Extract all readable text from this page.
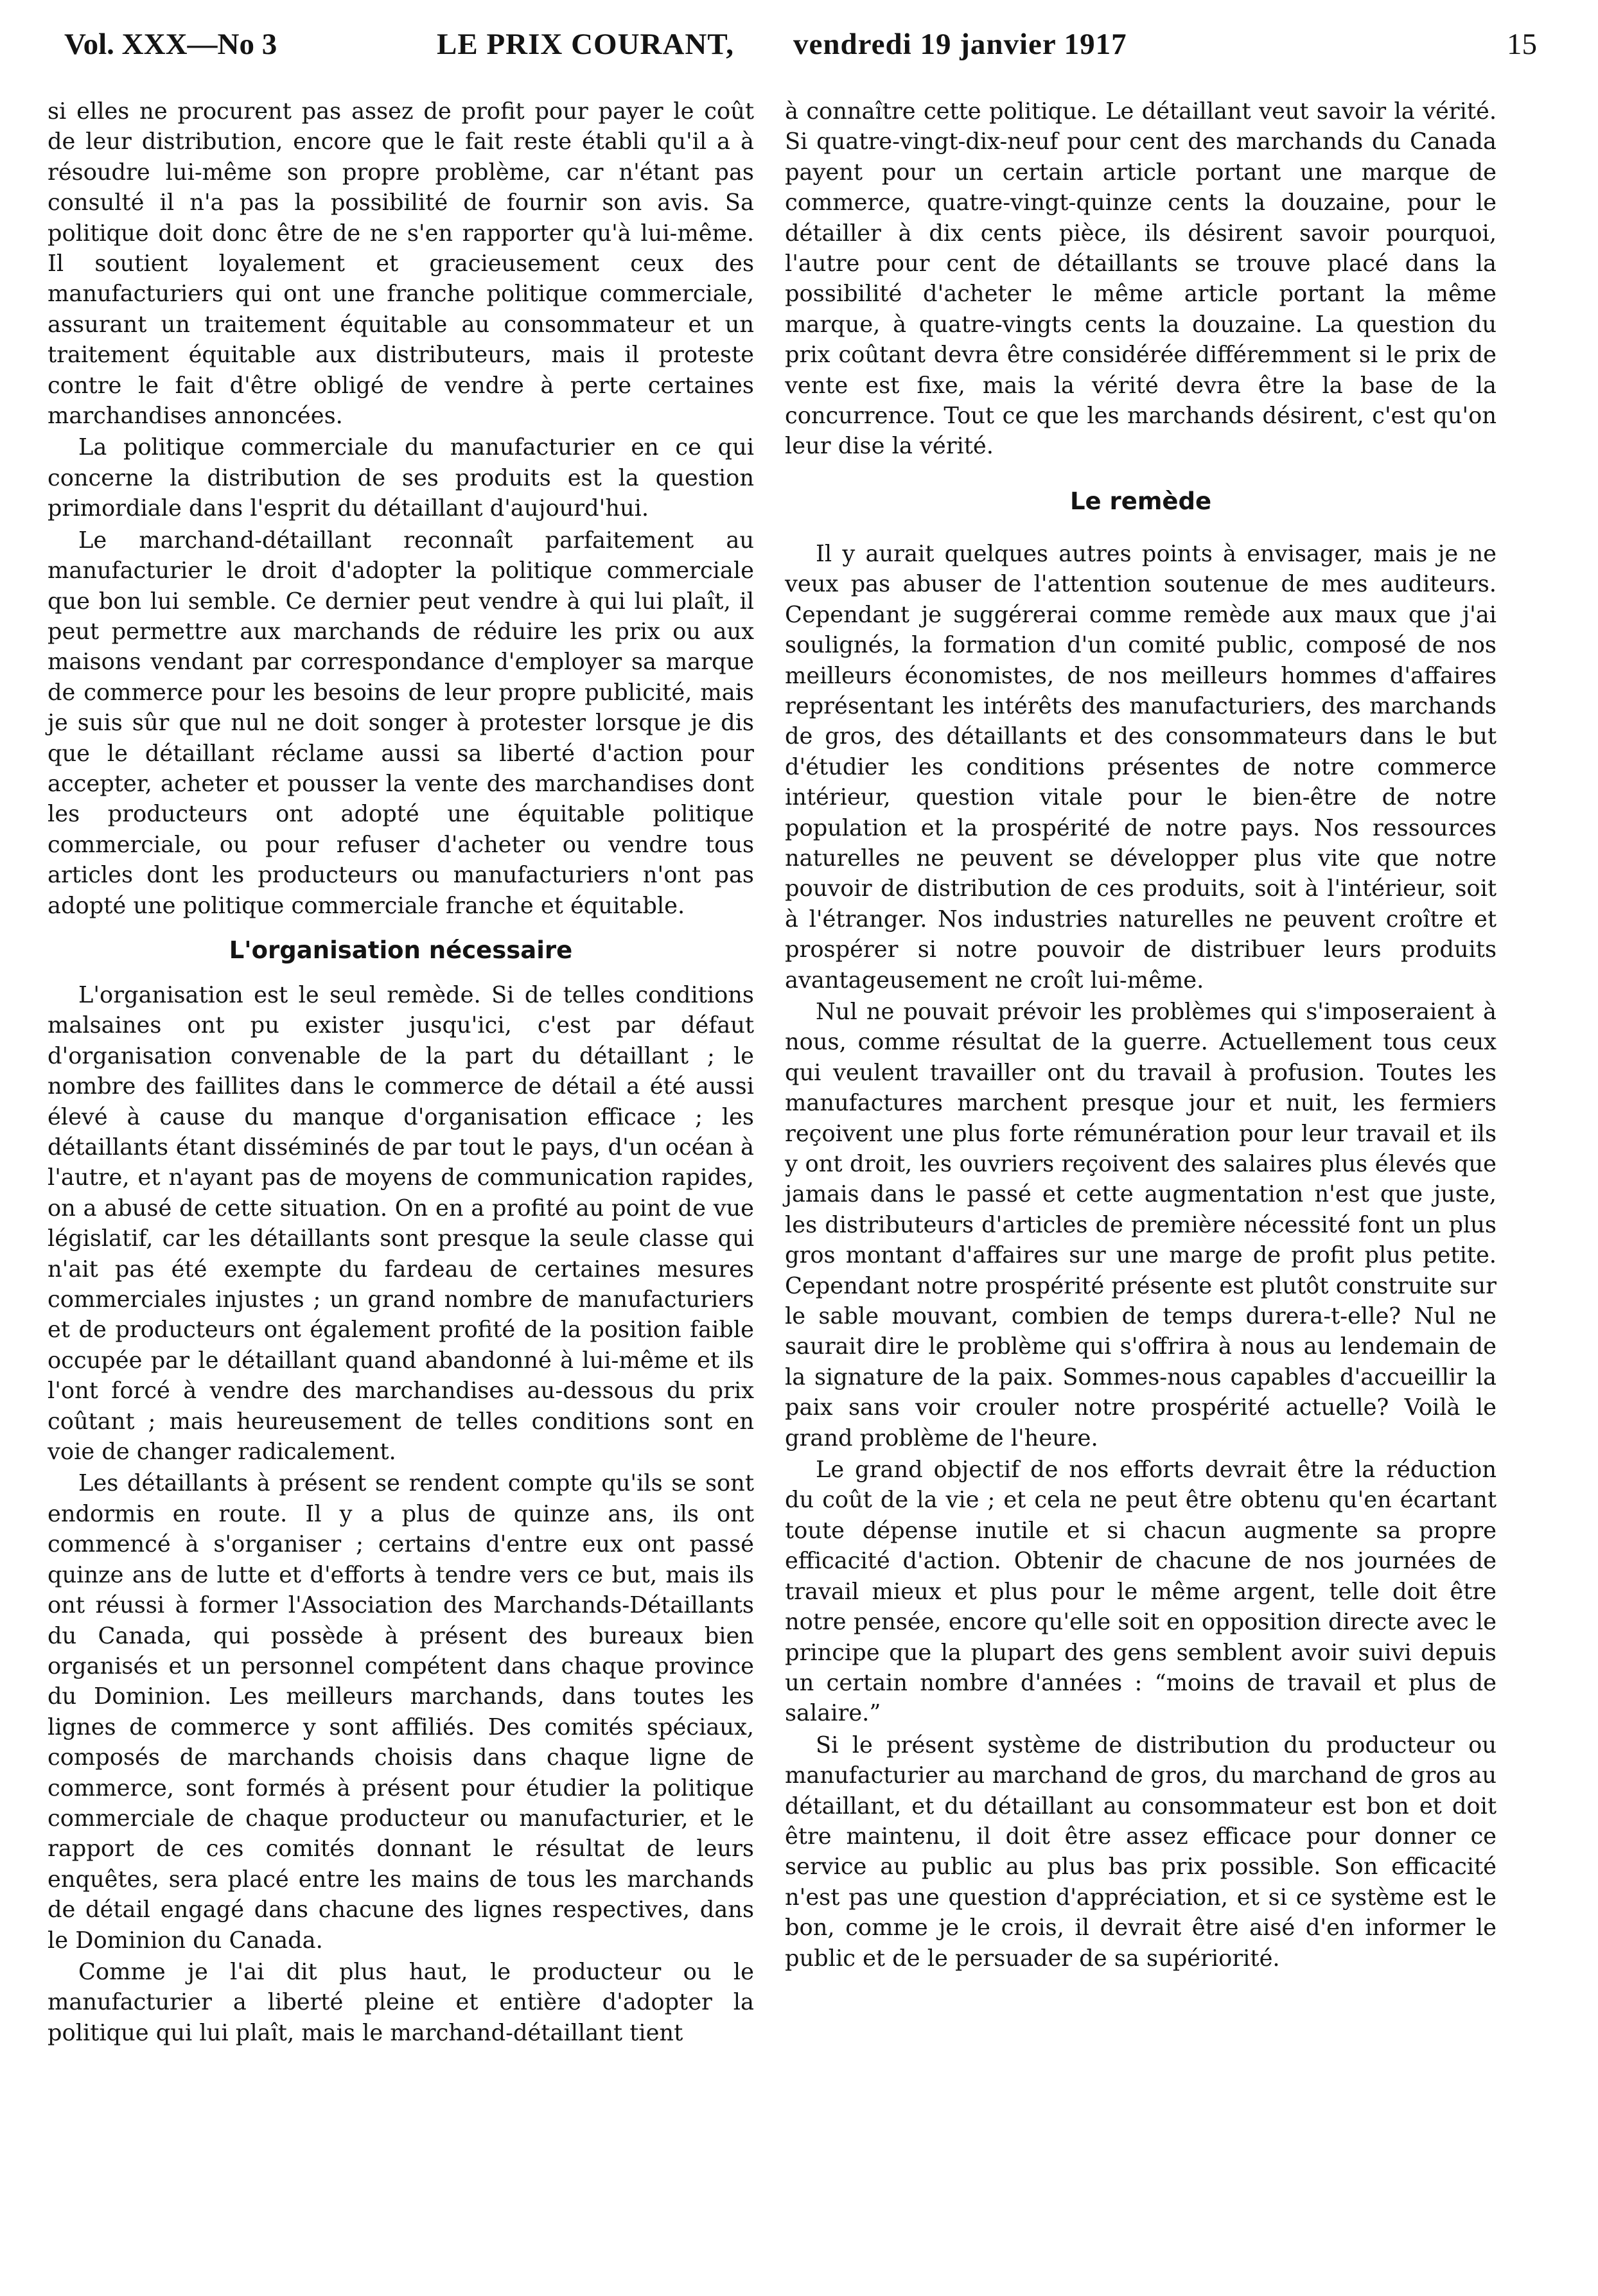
Vol. XXX—No 3	LE PRIX COURANT, vendredi 19 janvier 1917	15

si elles ne procurent pas assez de profit pour payer le coût de leur distribution, encore que le fait reste établi qu'il a à résoudre lui-même son propre problème, car n'étant pas consulté il n'a pas la possibilité de fournir son avis. Sa politique doit donc être de ne s'en rapporter qu'à lui-même. Il soutient loyalement et gracieusement ceux des manufacturiers qui ont une franche politique commerciale, assurant un traitement équitable au consommateur et un traitement équitable aux distributeurs, mais il proteste contre le fait d'être obligé de vendre à perte certaines marchandises annoncées.

La politique commerciale du manufacturier en ce qui concerne la distribution de ses produits est la question primordiale dans l'esprit du détaillant d'aujourd'hui.

Le marchand-détaillant reconnaît parfaitement au manufacturier le droit d'adopter la politique commerciale que bon lui semble. Ce dernier peut vendre à qui lui plaît, il peut permettre aux marchands de réduire les prix ou aux maisons vendant par correspondance d'employer sa marque de commerce pour les besoins de leur propre publicité, mais je suis sûr que nul ne doit songer à protester lorsque je dis que le détaillant réclame aussi sa liberté d'action pour accepter, acheter et pousser la vente des marchandises dont les producteurs ont adopté une équitable politique commerciale, ou pour refuser d'acheter ou vendre tous articles dont les producteurs ou manufacturiers n'ont pas adopté une politique commerciale franche et équitable.

L'organisation nécessaire

L'organisation est le seul remède. Si de telles conditions malsaines ont pu exister jusqu'ici, c'est par défaut d'organisation convenable de la part du détaillant ; le nombre des faillites dans le commerce de détail a été aussi élevé à cause du manque d'organisation efficace ; les détaillants étant disséminés de par tout le pays, d'un océan à l'autre, et n'ayant pas de moyens de communication rapides, on a abusé de cette situation. On en a profité au point de vue législatif, car les détaillants sont presque la seule classe qui n'ait pas été exempte du fardeau de certaines mesures commerciales injustes ; un grand nombre de manufacturiers et de producteurs ont également profité de la position faible occupée par le détaillant quand abandonné à lui-même et ils l'ont forcé à vendre des marchandises au-dessous du prix coûtant ; mais heureusement de telles conditions sont en voie de changer radicalement.

Les détaillants à présent se rendent compte qu'ils se sont endormis en route. Il y a plus de quinze ans, ils ont commencé à s'organiser ; certains d'entre eux ont passé quinze ans de lutte et d'efforts à tendre vers ce but, mais ils ont réussi à former l'Association des Marchands-Détaillants du Canada, qui possède à présent des bureaux bien organisés et un personnel compétent dans chaque province du Dominion. Les meilleurs marchands, dans toutes les lignes de commerce y sont affiliés. Des comités spéciaux, composés de marchands choisis dans chaque ligne de commerce, sont formés à présent pour étudier la politique commerciale de chaque producteur ou manufacturier, et le rapport de ces comités donnant le résultat de leurs enquêtes, sera placé entre les mains de tous les marchands de détail engagé dans chacune des lignes respectives, dans le Dominion du Canada.

Comme je l'ai dit plus haut, le producteur ou le manufacturier a liberté pleine et entière d'adopter la politique qui lui plaît, mais le marchand-détaillant tient

à connaître cette politique. Le détaillant veut savoir la vérité. Si quatre-vingt-dix-neuf pour cent des marchands du Canada payent pour un certain article portant une marque de commerce, quatre-vingt-quinze cents la douzaine, pour le détailler à dix cents pièce, ils désirent savoir pourquoi, l'autre pour cent de détaillants se trouve placé dans la possibilité d'acheter le même article portant la même marque, à quatre-vingts cents la douzaine. La question du prix coûtant devra être considérée différemment si le prix de vente est fixe, mais la vérité devra être la base de la concurrence. Tout ce que les marchands désirent, c'est qu'on leur dise la vérité.

Le remède

Il y aurait quelques autres points à envisager, mais je ne veux pas abuser de l'attention soutenue de mes auditeurs. Cependant je suggérerai comme remède aux maux que j'ai soulignés, la formation d'un comité public, composé de nos meilleurs économistes, de nos meilleurs hommes d'affaires représentant les intérêts des manufacturiers, des marchands de gros, des détaillants et des consommateurs dans le but d'étudier les conditions présentes de notre commerce intérieur, question vitale pour le bien-être de notre population et la prospérité de notre pays. Nos ressources naturelles ne peuvent se développer plus vite que notre pouvoir de distribution de ces produits, soit à l'intérieur, soit à l'étranger. Nos industries naturelles ne peuvent croître et prospérer si notre pouvoir de distribuer leurs produits avantageusement ne croît lui-même.

Nul ne pouvait prévoir les problèmes qui s'imposeraient à nous, comme résultat de la guerre. Actuellement tous ceux qui veulent travailler ont du travail à profusion. Toutes les manufactures marchent presque jour et nuit, les fermiers reçoivent une plus forte rémunération pour leur travail et ils y ont droit, les ouvriers reçoivent des salaires plus élevés que jamais dans le passé et cette augmentation n'est que juste, les distributeurs d'articles de première nécessité font un plus gros montant d'affaires sur une marge de profit plus petite. Cependant notre prospérité présente est plutôt construite sur le sable mouvant, combien de temps durera-t-elle? Nul ne saurait dire le problème qui s'offrira à nous au lendemain de la signature de la paix. Sommes-nous capables d'accueillir la paix sans voir crouler notre prospérité actuelle? Voilà le grand problème de l'heure.

Le grand objectif de nos efforts devrait être la réduction du coût de la vie ; et cela ne peut être obtenu qu'en écartant toute dépense inutile et si chacun augmente sa propre efficacité d'action. Obtenir de chacune de nos journées de travail mieux et plus pour le même argent, telle doit être notre pensée, encore qu'elle soit en opposition directe avec le principe que la plupart des gens semblent avoir suivi depuis un certain nombre d'années : “moins de travail et plus de salaire.”

Si le présent système de distribution du producteur ou manufacturier au marchand de gros, du marchand de gros au détaillant, et du détaillant au consommateur est bon et doit être maintenu, il doit être assez efficace pour donner ce service au public au plus bas prix possible. Son efficacité n'est pas une question d'appréciation, et si ce système est le bon, comme je le crois, il devrait être aisé d'en informer le public et de le persuader de sa supériorité.
